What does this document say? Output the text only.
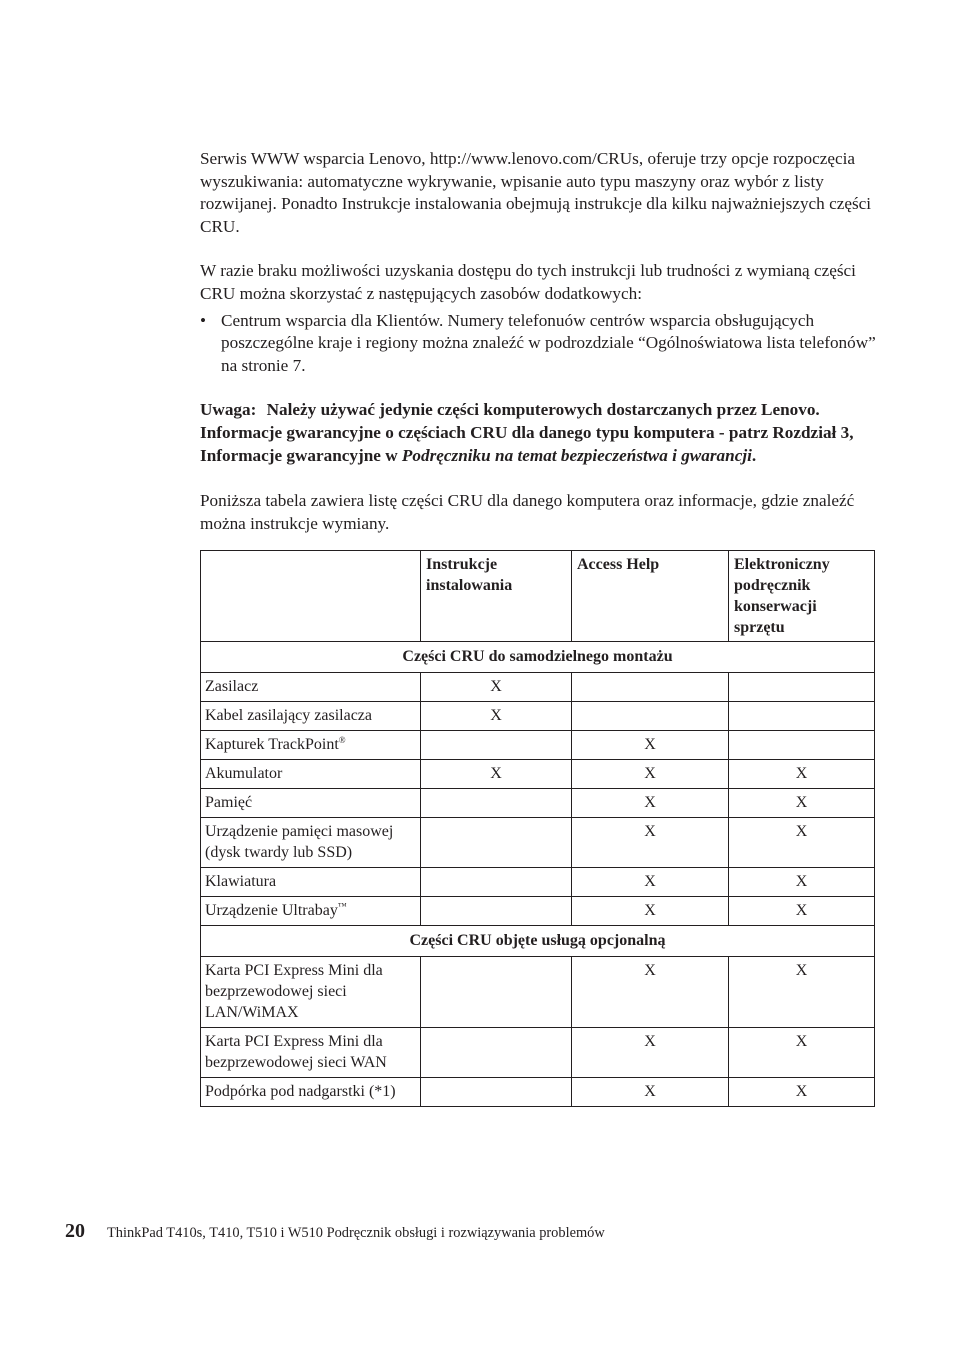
Serwis WWW wsparcia Lenovo, http://www.lenovo.com/CRUs, oferuje trzy opcje rozpoczęcia wyszukiwania: automatyczne wykrywanie, wpisanie auto typu maszyny oraz wybór z listy rozwijanej. Ponadto Instrukcje instalowania obejmują instrukcje dla kilku najważniejszych części CRU.

W razie braku możliwości uzyskania dostępu do tych instrukcji lub trudności z wymianą części CRU można skorzystać z następujących zasobów dodatkowych:

• Centrum wsparcia dla Klientów. Numery telefonuów centrów wsparcia obsługujących poszczególne kraje i regiony można znaleźć w podrozdziale “Ogólnoświatowa lista telefonów” na stronie 7.

Uwaga: Należy używać jedynie części komputerowych dostarczanych przez Lenovo. Informacje gwarancyjne o częściach CRU dla danego typu komputera - patrz Rozdział 3, Informacje gwarancyjne w Podręczniku na temat bezpieczeństwa i gwarancji.

Poniższa tabela zawiera listę części CRU dla danego komputera oraz informacje, gdzie znaleźć można instrukcje wymiany.

	Instrukcje instalowania	Access Help	Elektroniczny podręcznik konserwacji sprzętu
Części CRU do samodzielnego montażu			
Zasilacz	X		
Kabel zasilający zasilacza	X		
Kapturek TrackPoint®		X	
Akumulator	X	X	X
Pamięć		X	X
Urządzenie pamięci masowej (dysk twardy lub SSD)		X	X
Klawiatura		X	X
Urządzenie Ultrabay™		X	X
Części CRU objęte usługą opcjonalną			
Karta PCI Express Mini dla bezprzewodowej sieci LAN/WiMAX		X	X
Karta PCI Express Mini dla bezprzewodowej sieci WAN		X	X
Podpórka pod nadgarstki (*1)		X	X
20 ThinkPad T410s, T410, T510 i W510 Podręcznik obsługi i rozwiązywania problemów
